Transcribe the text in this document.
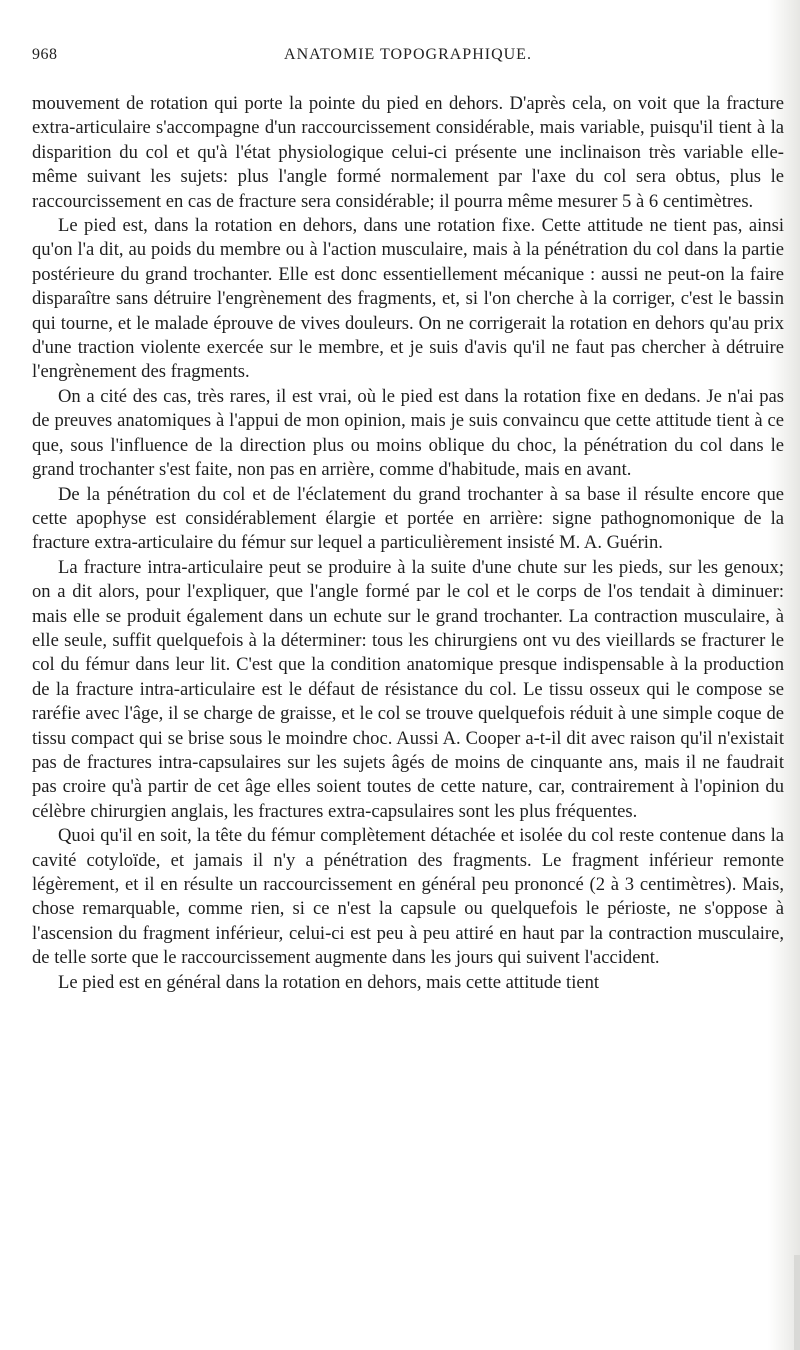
968	ANATOMIE TOPOGRAPHIQUE.

mouvement de rotation qui porte la pointe du pied en dehors. D'après cela, on voit que la fracture extra-articulaire s'accompagne d'un raccourcissement considérable, mais variable, puisqu'il tient à la disparition du col et qu'à l'état physiologique celui-ci présente une inclinaison très variable elle-même suivant les sujets: plus l'angle formé normalement par l'axe du col sera obtus, plus le raccourcissement en cas de fracture sera considérable; il pourra même mesurer 5 à 6 centimètres.

Le pied est, dans la rotation en dehors, dans une rotation fixe. Cette attitude ne tient pas, ainsi qu'on l'a dit, au poids du membre ou à l'action musculaire, mais à la pénétration du col dans la partie postérieure du grand trochanter. Elle est donc essentiellement mécanique : aussi ne peut-on la faire disparaître sans détruire l'engrènement des fragments, et, si l'on cherche à la corriger, c'est le bassin qui tourne, et le malade éprouve de vives douleurs. On ne corrigerait la rotation en dehors qu'au prix d'une traction violente exercée sur le membre, et je suis d'avis qu'il ne faut pas chercher à détruire l'engrènement des fragments.

On a cité des cas, très rares, il est vrai, où le pied est dans la rotation fixe en dedans. Je n'ai pas de preuves anatomiques à l'appui de mon opinion, mais je suis convaincu que cette attitude tient à ce que, sous l'influence de la direction plus ou moins oblique du choc, la pénétration du col dans le grand trochanter s'est faite, non pas en arrière, comme d'habitude, mais en avant.

De la pénétration du col et de l'éclatement du grand trochanter à sa base il résulte encore que cette apophyse est considérablement élargie et portée en arrière: signe pathognomonique de la fracture extra-articulaire du fémur sur lequel a particulièrement insisté M. A. Guérin.

La fracture intra-articulaire peut se produire à la suite d'une chute sur les pieds, sur les genoux; on a dit alors, pour l'expliquer, que l'angle formé par le col et le corps de l'os tendait à diminuer: mais elle se produit également dans un echute sur le grand trochanter. La contraction musculaire, à elle seule, suffit quelquefois à la déterminer: tous les chirurgiens ont vu des vieillards se fracturer le col du fémur dans leur lit. C'est que la condition anatomique presque indispensable à la production de la fracture intra-articulaire est le défaut de résistance du col. Le tissu osseux qui le compose se raréfie avec l'âge, il se charge de graisse, et le col se trouve quelquefois réduit à une simple coque de tissu compact qui se brise sous le moindre choc. Aussi A. Cooper a-t-il dit avec raison qu'il n'existait pas de fractures intra-capsulaires sur les sujets âgés de moins de cinquante ans, mais il ne faudrait pas croire qu'à partir de cet âge elles soient toutes de cette nature, car, contrairement à l'opinion du célèbre chirurgien anglais, les fractures extra-capsulaires sont les plus fréquentes.

Quoi qu'il en soit, la tête du fémur complètement détachée et isolée du col reste contenue dans la cavité cotyloïde, et jamais il n'y a pénétration des fragments. Le fragment inférieur remonte légèrement, et il en résulte un raccourcissement en général peu prononcé (2 à 3 centimètres). Mais, chose remarquable, comme rien, si ce n'est la capsule ou quelquefois le périoste, ne s'oppose à l'ascension du fragment inférieur, celui-ci est peu à peu attiré en haut par la contraction musculaire, de telle sorte que le raccourcissement augmente dans les jours qui suivent l'accident.

Le pied est en général dans la rotation en dehors, mais cette attitude tient
